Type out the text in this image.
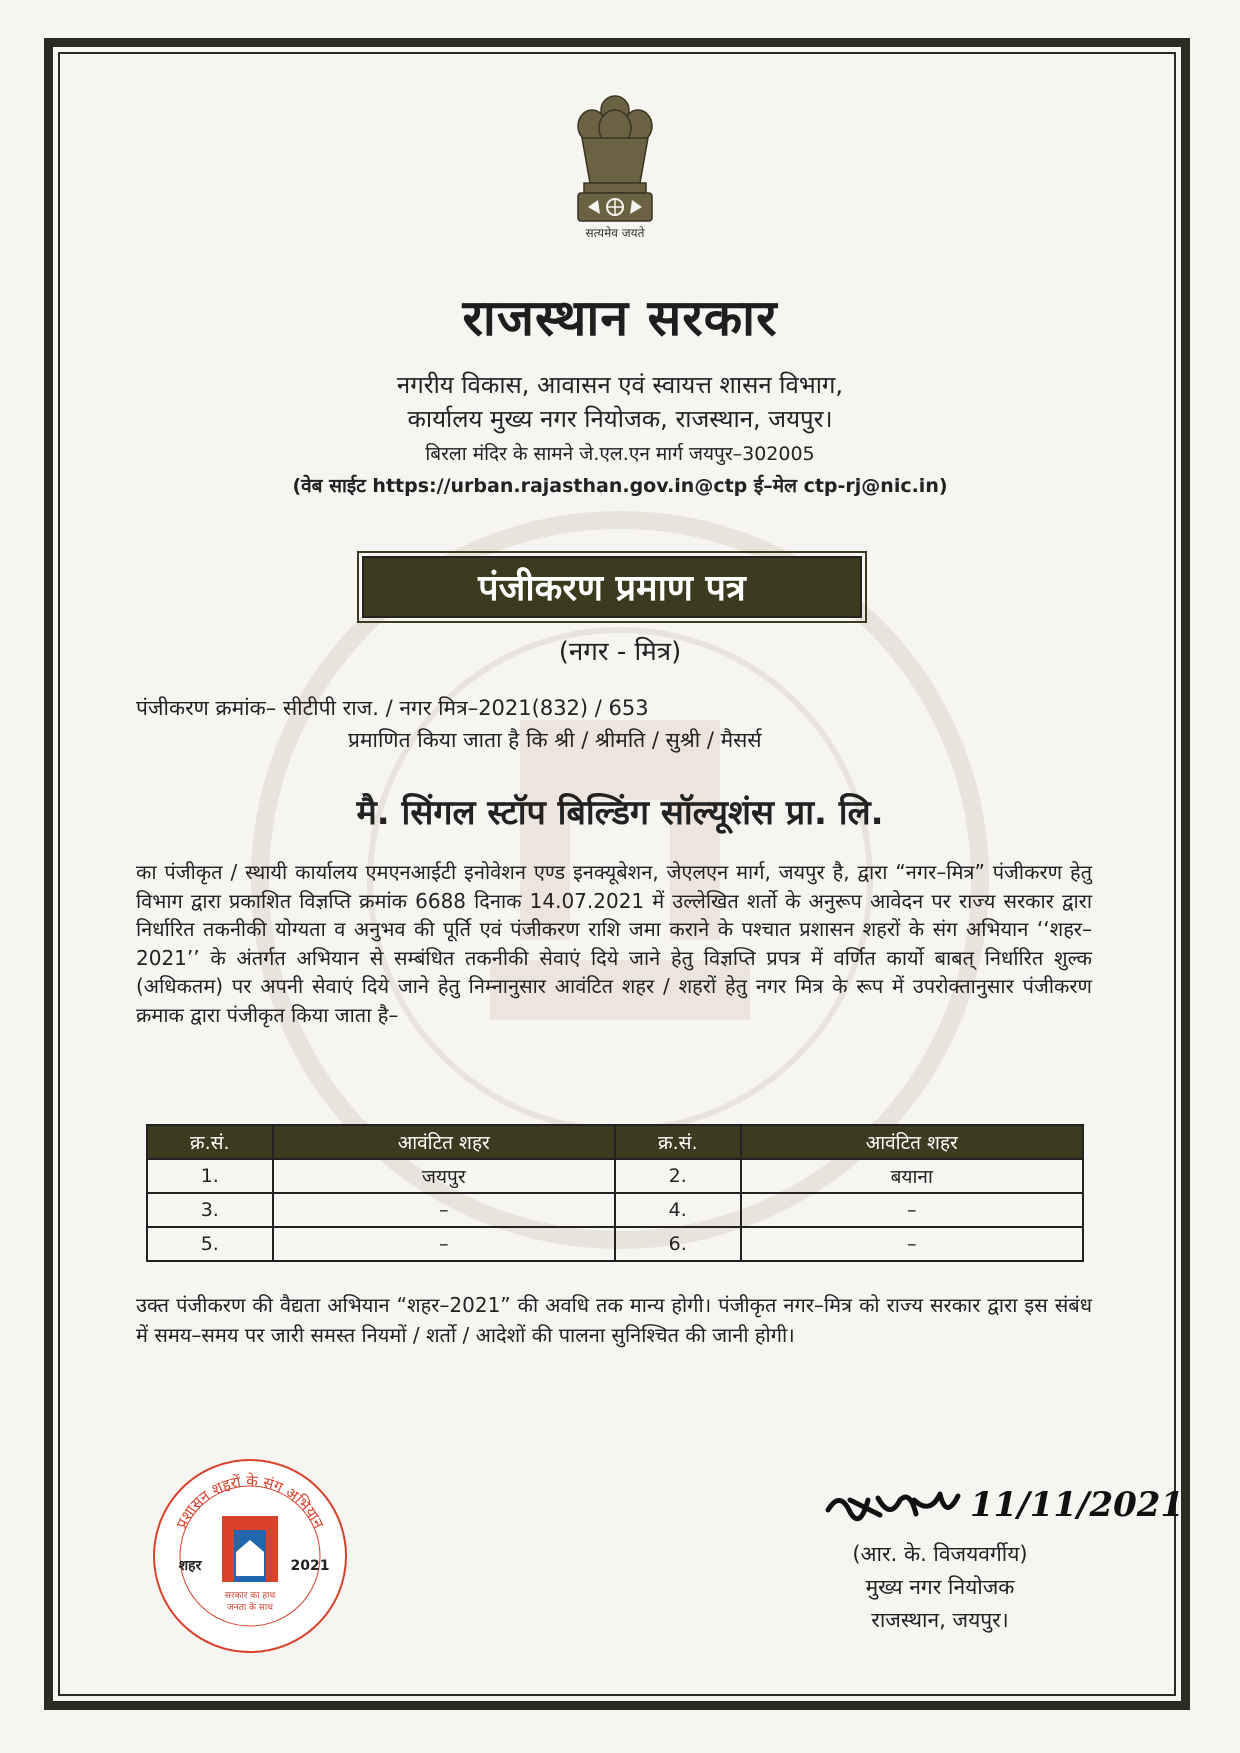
सत्यमेव जयते
राजस्थान सरकार
नगरीय विकास, आवासन एवं स्वायत्त शासन विभाग,
कार्यालय मुख्य नगर नियोजक, राजस्थान, जयपुर।
बिरला मंदिर के सामने जे.एल.एन मार्ग जयपुर–302005
(वेब साईट https://urban.rajasthan.gov.in@ctp ई–मेल ctp-rj@nic.in)
पंजीकरण प्रमाण पत्र
(नगर - मित्र)
पंजीकरण क्रमांक– सीटीपी राज. / नगर मित्र–2021(832) / 653
प्रमाणित किया जाता है कि श्री / श्रीमति / सुश्री / मैसर्स
मै. सिंगल स्टॉप बिल्डिंग सॉल्यूशंस प्रा. लि.

का पंजीकृत / स्थायी कार्यालय एमएनआईटी इनोवेशन एण्ड इनक्यूबेशन, जेएलएन मार्ग, जयपुर है, द्वारा “नगर–मित्र” पंजीकरण हेतु विभाग द्वारा प्रकाशित विज्ञप्ति क्रमांक 6688 दिनाक 14.07.2021 में उल्लेखित शर्तो के अनुरूप आवेदन पर राज्य सरकार द्वारा निर्धारित तकनीकी योग्यता व अनुभव की पूर्ति एवं पंजीकरण राशि जमा कराने के पश्चात प्रशासन शहरों के संग अभियान ‘‘शहर–2021’’ के अंतर्गत अभियान से सम्बंधित तकनीकी सेवाएं दिये जाने हेतु विज्ञप्ति प्रपत्र में वर्णित कार्यो बाबत् निर्धारित शुल्क (अधिकतम) पर अपनी सेवाएं दिये जाने हेतु निम्नानुसार आवंटित शहर / शहरों हेतु नगर मित्र के रूप में उपरोक्तानुसार पंजीकरण क्रमाक द्वारा पंजीकृत किया जाता है–

क्र.सं.	आवंटित शहर	क्र.सं.	आवंटित शहर
1.	जयपुर	2.	बयाना
3.	–	4.	–
5.	–	6.	–

उक्त पंजीकरण की वैद्यता अभियान “शहर–2021” की अवधि तक मान्य होगी। पंजीकृत नगर–मित्र को राज्य सरकार द्वारा इस संबंध में समय–समय पर जारी समस्त नियमों / शर्तो / आदेशों की पालना सुनिश्चित की जानी होगी।

प्रशासन शहरों के संग अभियान
शहर	2021
सरकार का हाथ
जनता के साथ
11/11/2021
(आर. के. विजयवर्गीय)
मुख्य नगर नियोजक
राजस्थान, जयपुर।
